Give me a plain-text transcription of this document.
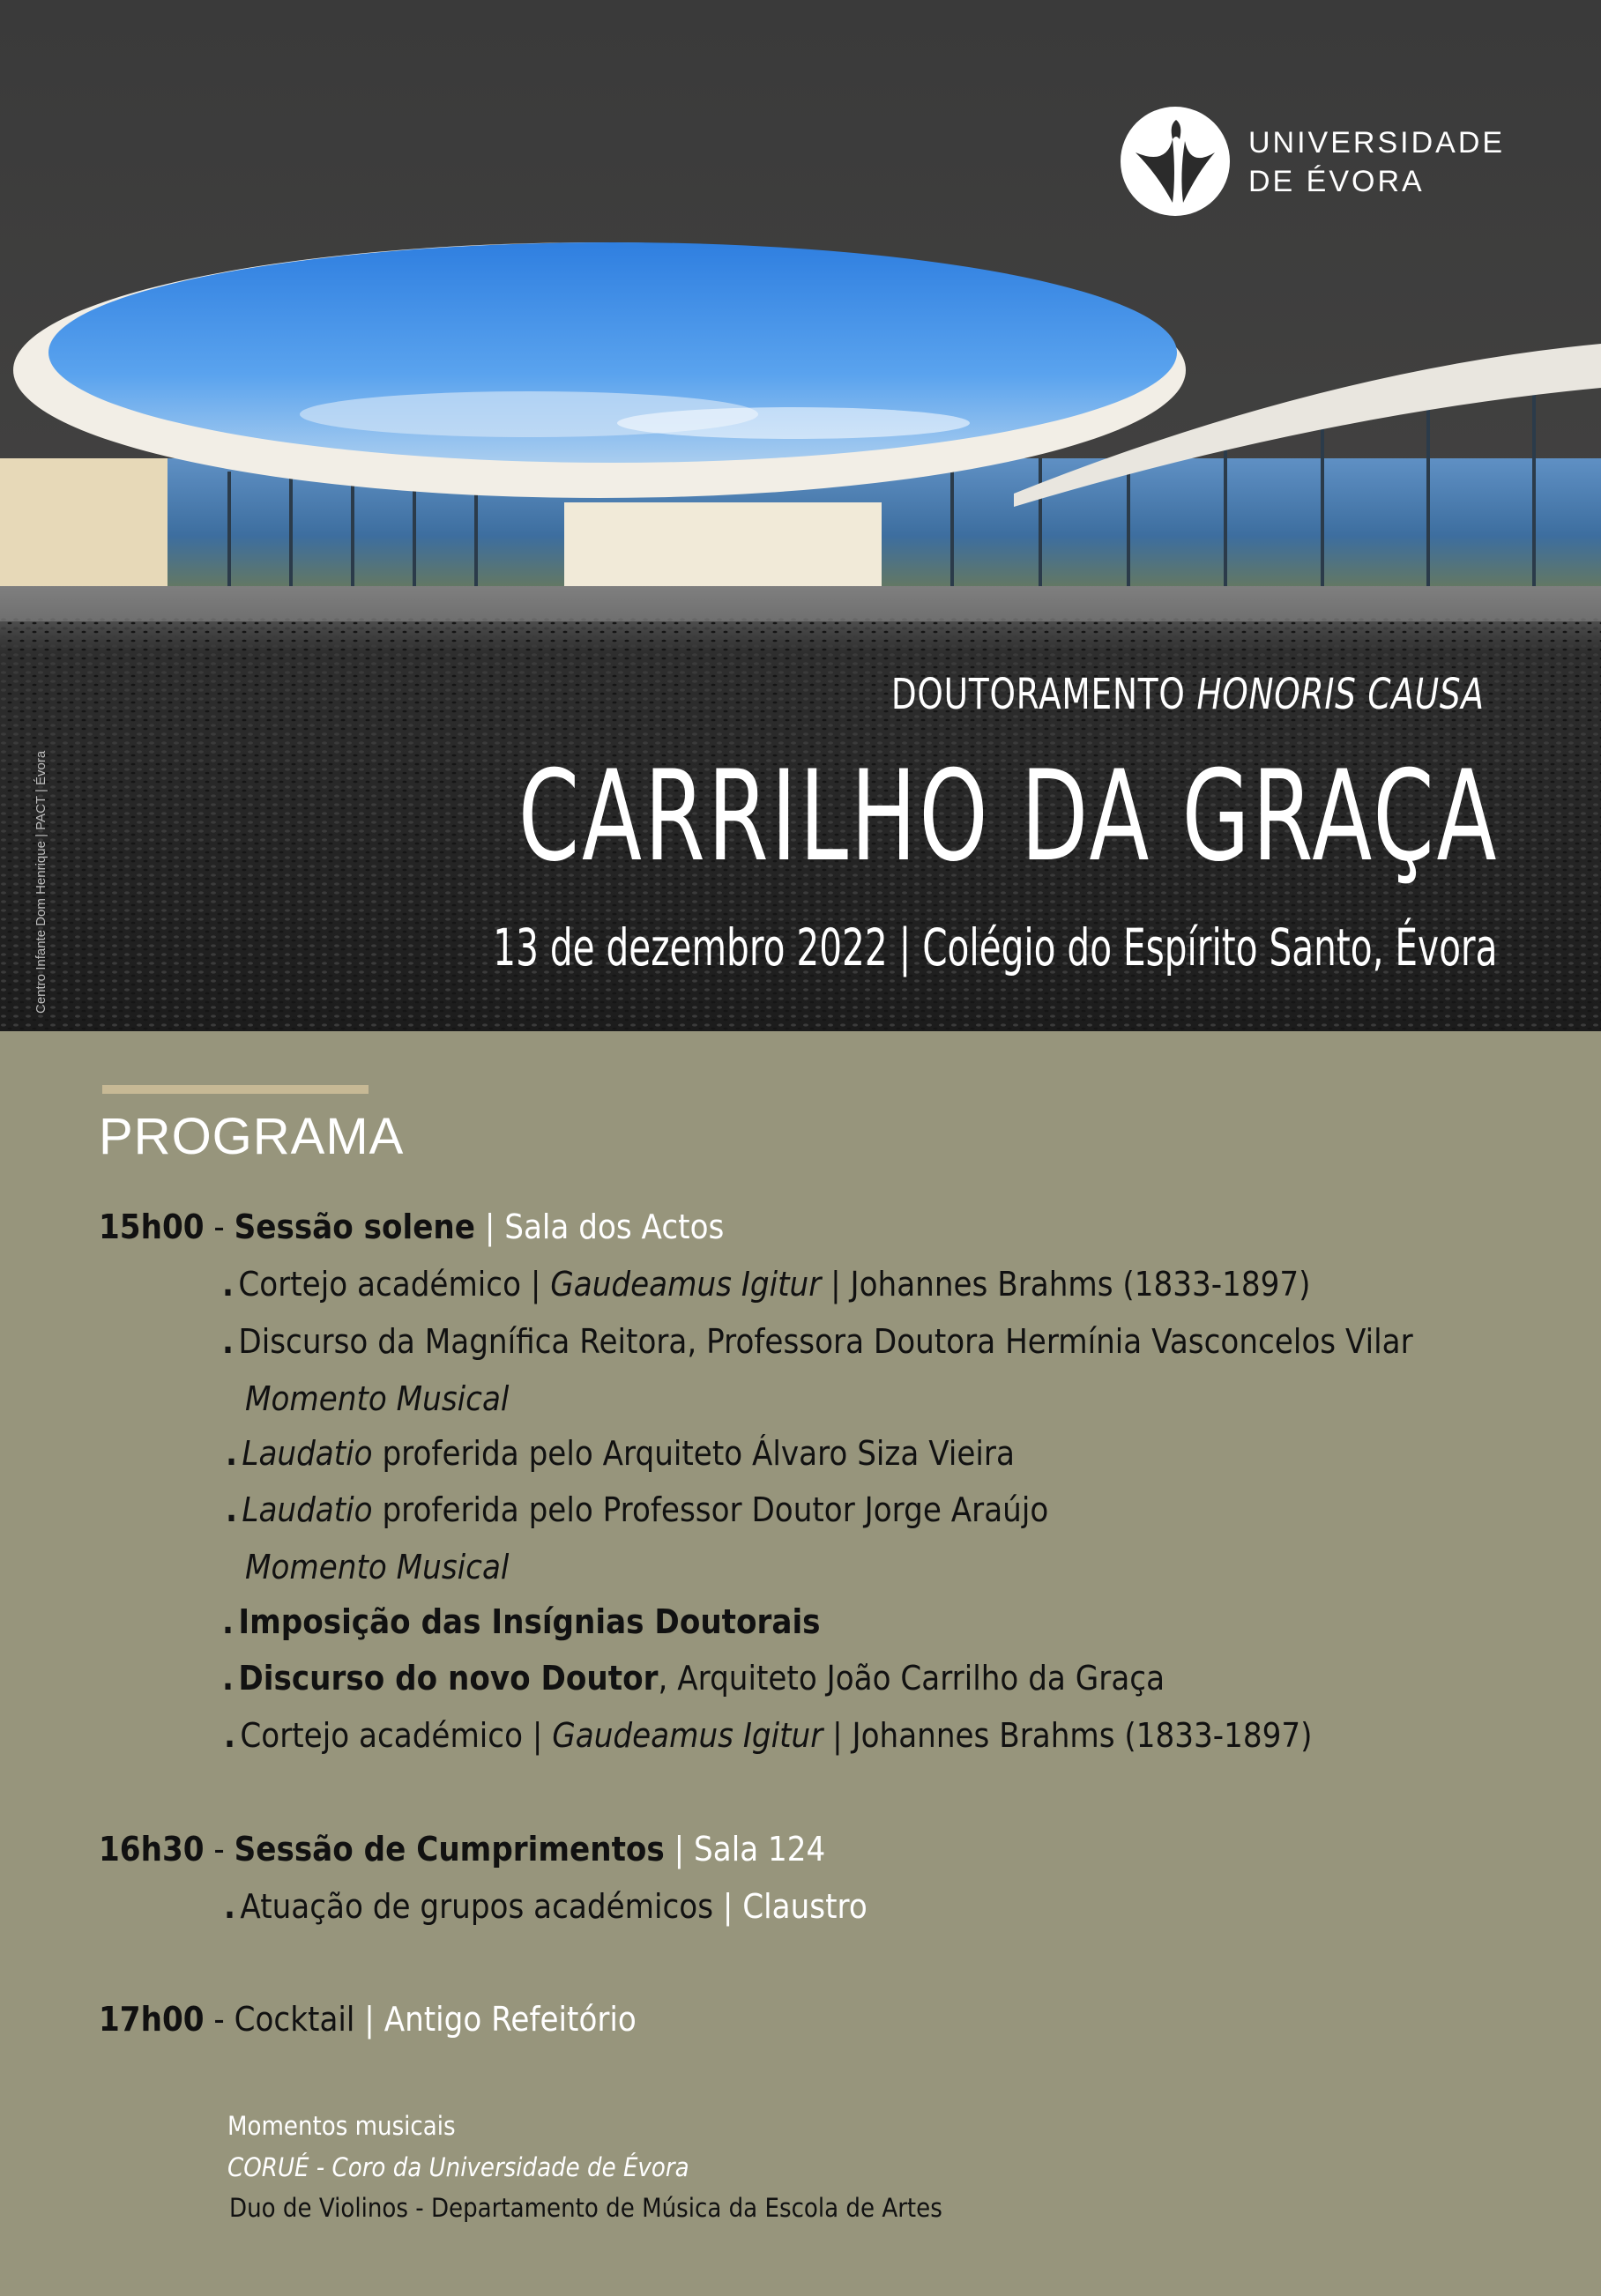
UNIVERSIDADE
DE ÉVORA
Centro Infante Dom Henrique | PACT | Évora
DOUTORAMENTO HONORIS CAUSA
CARRILHO DA GRAÇA
13 de dezembro 2022 | Colégio do Espírito Santo, Évora
PROGRAMA
15h00 - Sessão solene | Sala dos Actos
. Cortejo académico | Gaudeamus Igitur | Johannes Brahms (1833-1897)
. Discurso da Magnífica Reitora, Professora Doutora Hermínia Vasconcelos Vilar
Momento Musical
. Laudatio proferida pelo Arquiteto Álvaro Siza Vieira
. Laudatio proferida pelo Professor Doutor Jorge Araújo
Momento Musical
. Imposição das Insígnias Doutorais
. Discurso do novo Doutor, Arquiteto João Carrilho da Graça
. Cortejo académico | Gaudeamus Igitur | Johannes Brahms (1833-1897)
16h30 - Sessão de Cumprimentos | Sala 124
. Atuação de grupos académicos | Claustro
17h00 - Cocktail | Antigo Refeitório
Momentos musicais
CORUÉ - Coro da Universidade de Évora
Duo de Violinos - Departamento de Música da Escola de Artes
